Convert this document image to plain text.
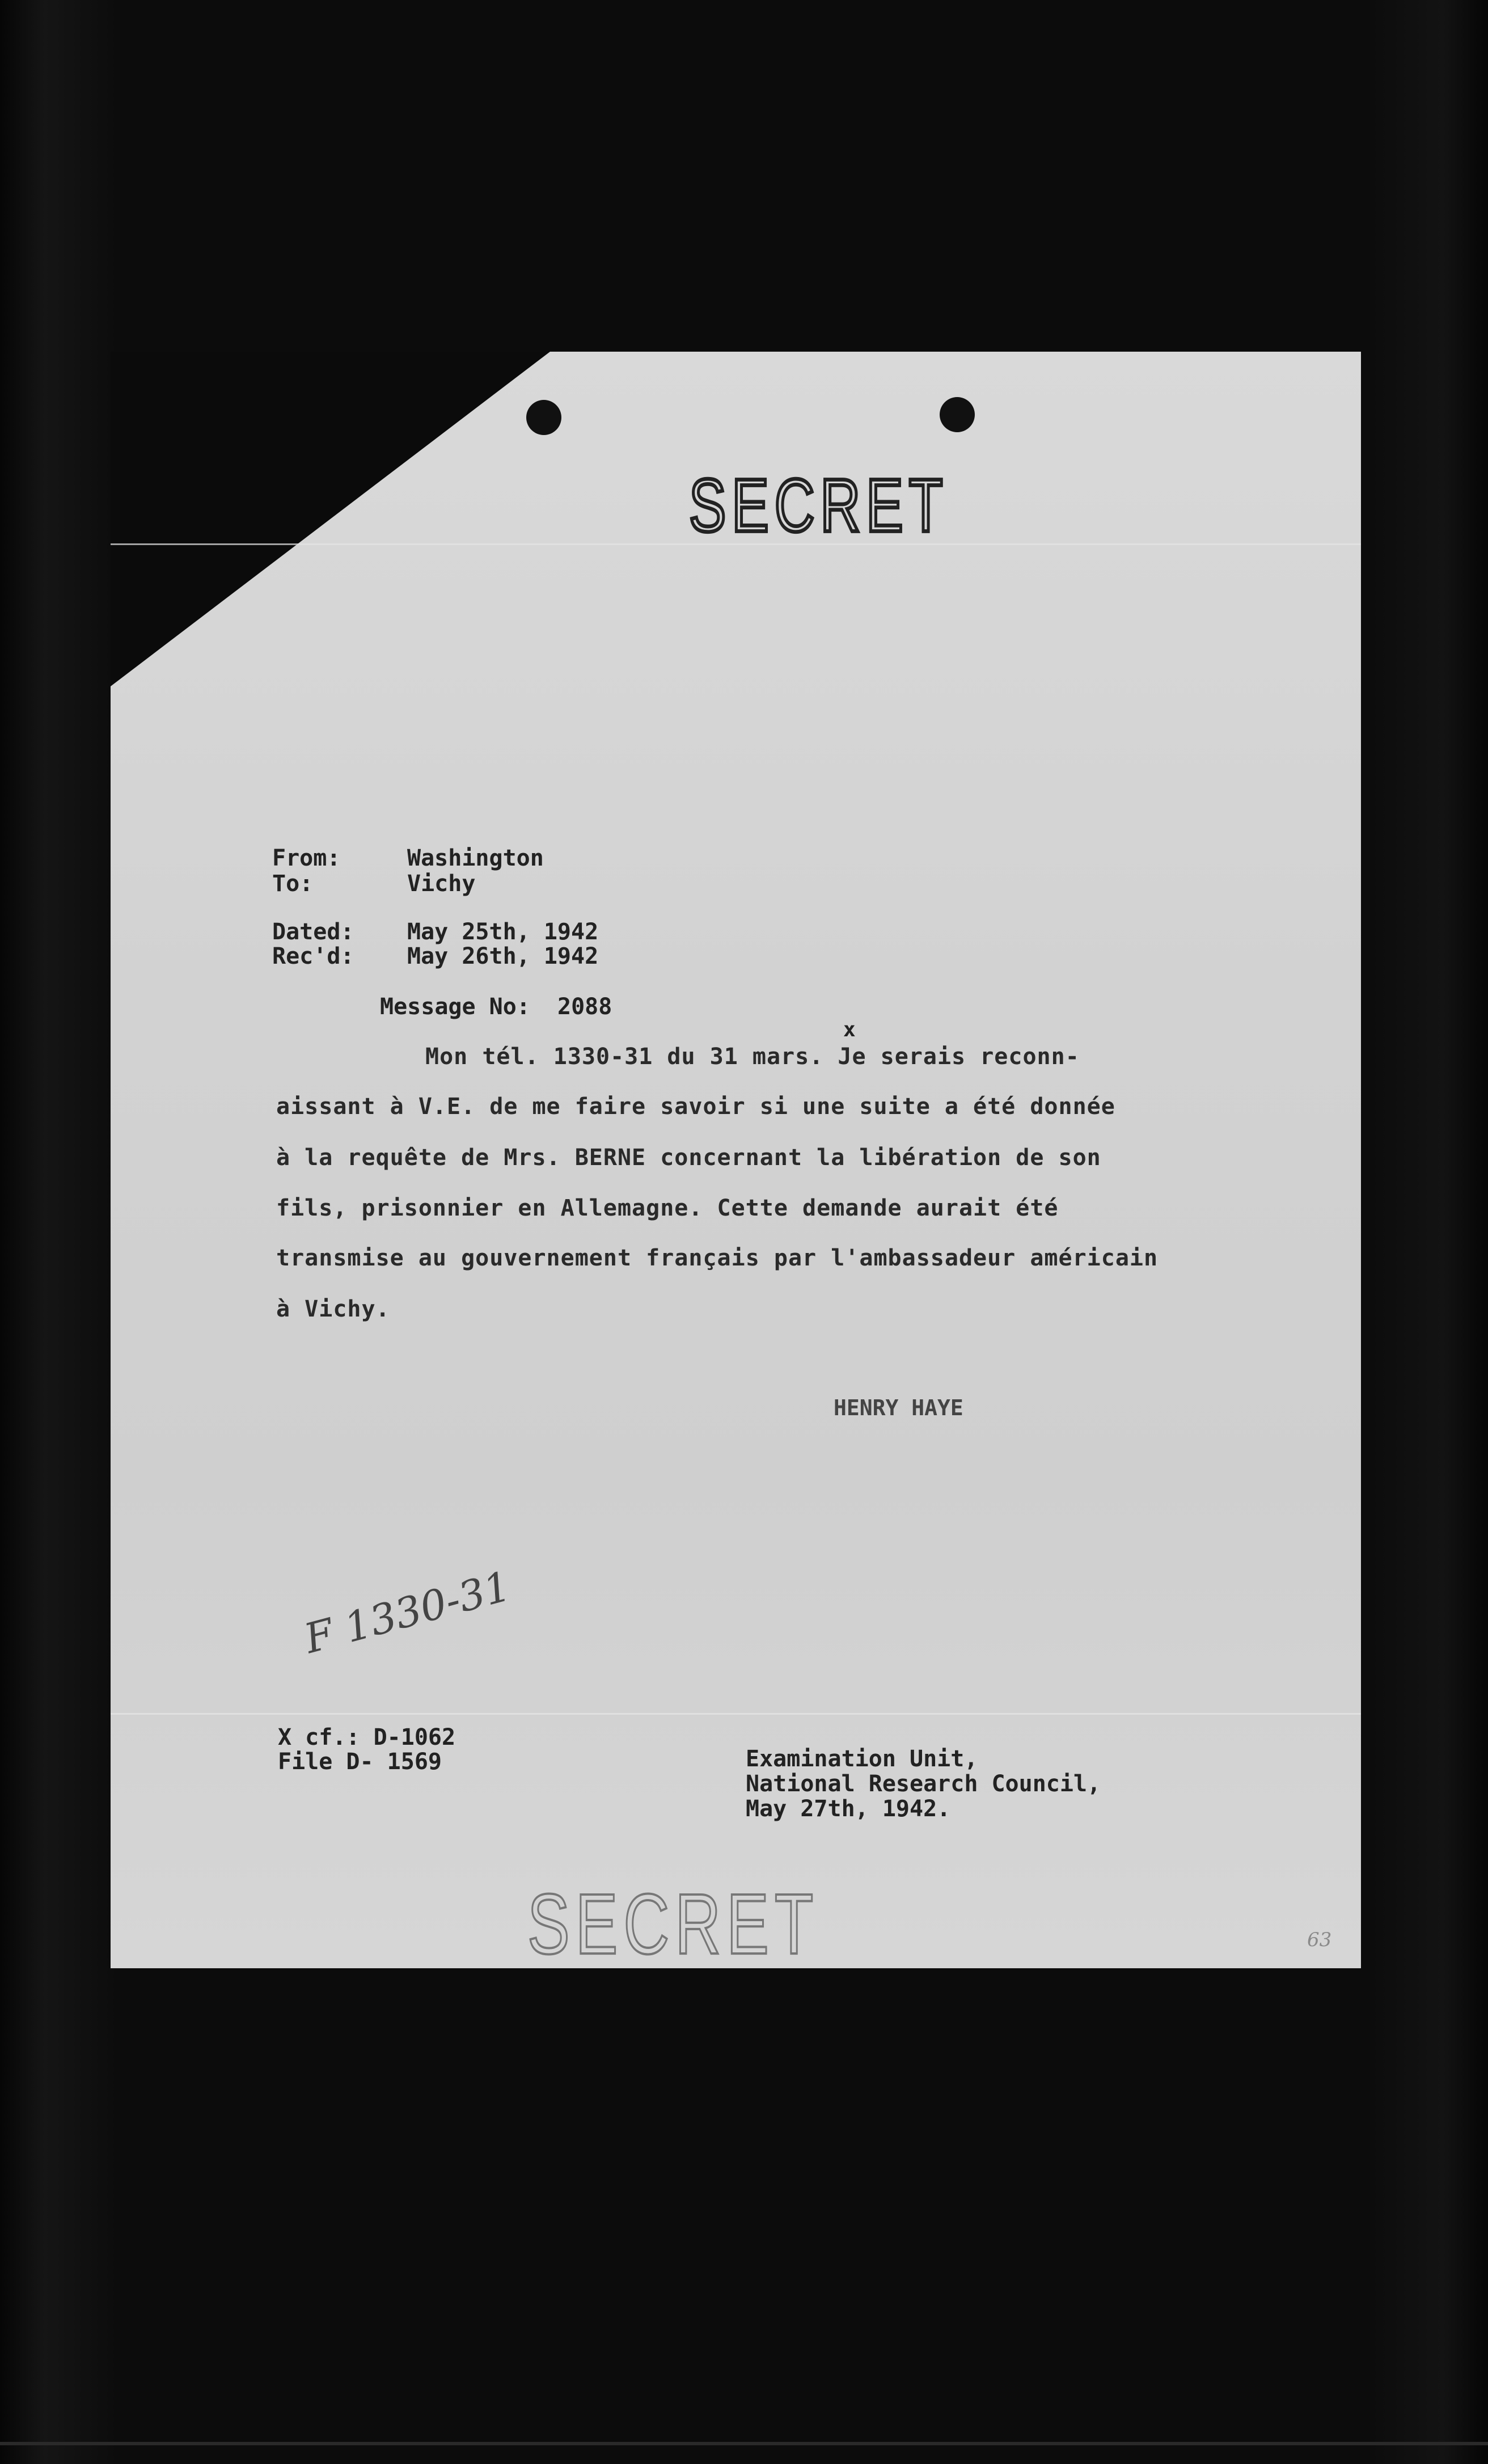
SECRET
From:	Washington
To:	Vichy
Dated: May 25th, 1942
Rec'd: May 26th, 1942
Message No: 2088
x
Mon tél. 1330-31 du 31 mars. Je serais reconn-
aissant à V.E. de me faire savoir si une suite a été donnée
à la requête de Mrs. BERNE concernant la libération de son
fils, prisonnier en Allemagne. Cette demande aurait été
transmise au gouvernement français par l'ambassadeur américain
à Vichy.
HENRY HAYE
F 1330-31
X cf.: D-1062
File D- 1569	Examination Unit,
National Research Council,
May 27th, 1942.
SECRET	63
